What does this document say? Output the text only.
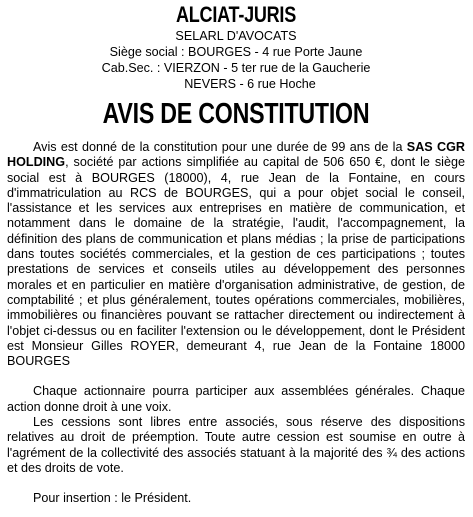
ALCIAT-JURIS
SELARL D'AVOCATS
Siège social : BOURGES - 4 rue Porte Jaune
Cab.Sec. : VIERZON - 5 ter rue de la Gaucherie
NEVERS - 6 rue Hoche
AVIS DE CONSTITUTION

Avis est donné de la constitution pour une durée de 99 ans de la SAS CGR HOLDING, société par actions simplifiée au capital de 506 650 €, dont le siège social est à BOURGES (18000), 4, rue Jean de la Fontaine, en cours d'immatriculation au RCS de BOURGES, qui a pour objet social le conseil, l'assistance et les services aux entreprises en matière de communication, et notamment dans le domaine de la stratégie, l'audit, l'accompagnement, la définition des plans de communication et plans médias ; la prise de participations dans toutes sociétés commerciales, et la gestion de ces participations ; toutes prestations de services et conseils utiles au développement des personnes morales et en particulier en matière d'organisation administrative, de gestion, de comptabilité ; et plus généralement, toutes opérations commerciales, mobilières, immobilières ou financières pouvant se rattacher directement ou indirectement à l'objet ci-dessus ou en faciliter l'extension ou le développement, dont le Président est Monsieur Gilles ROYER, demeurant 4, rue Jean de la Fontaine 18000 BOURGES

Chaque actionnaire pourra participer aux assemblées générales. Chaque action donne droit à une voix.

Les cessions sont libres entre associés, sous réserve des dispositions relatives au droit de préemption. Toute autre cession est soumise en outre à l'agrément de la collectivité des associés statuant à la majorité des ¾ des actions et des droits de vote.

Pour insertion : le Président.
